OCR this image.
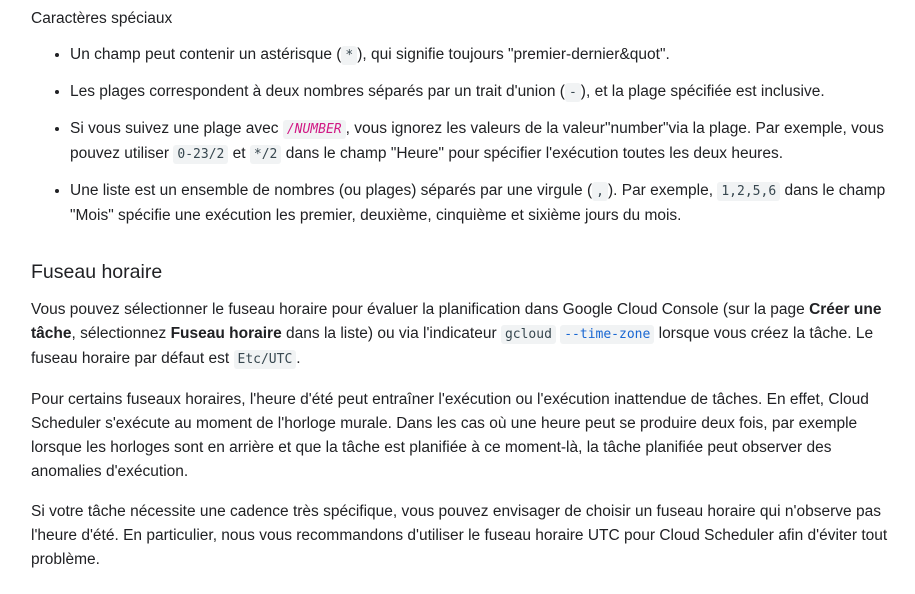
Caractères spéciaux
• Un champ peut contenir un astérisque ( * ), qui signifie toujours "premier-dernier&quot".
• Les plages correspondent à deux nombres séparés par un trait d'union ( - ), et la plage spécifiée est inclusive.
• Si vous suivez une plage avec /NUMBER , vous ignorez les valeurs de la valeur"number"via la plage. Par exemple, vous pouvez utiliser 0-23/2 et */2 dans le champ "Heure" pour spécifier l'exécution toutes les deux heures.
• Une liste est un ensemble de nombres (ou plages) séparés par une virgule ( , ). Par exemple, 1,2,5,6 dans le champ "Mois" spécifie une exécution les premier, deuxième, cinquième et sixième jours du mois.
Fuseau horaire

Vous pouvez sélectionner le fuseau horaire pour évaluer la planification dans Google Cloud Console (sur la page Créer une tâche, sélectionnez Fuseau horaire dans la liste) ou via l'indicateur gcloud --time-zone lorsque vous créez la tâche. Le fuseau horaire par défaut est Etc/UTC .

Pour certains fuseaux horaires, l'heure d'été peut entraîner l'exécution ou l'exécution inattendue de tâches. En effet, Cloud Scheduler s'exécute au moment de l'horloge murale. Dans les cas où une heure peut se produire deux fois, par exemple lorsque les horloges sont en arrière et que la tâche est planifiée à ce moment-là, la tâche planifiée peut observer des anomalies d'exécution.

Si votre tâche nécessite une cadence très spécifique, vous pouvez envisager de choisir un fuseau horaire qui n'observe pas l'heure d'été. En particulier, nous vous recommandons d'utiliser le fuseau horaire UTC pour Cloud Scheduler afin d'éviter tout problème.
